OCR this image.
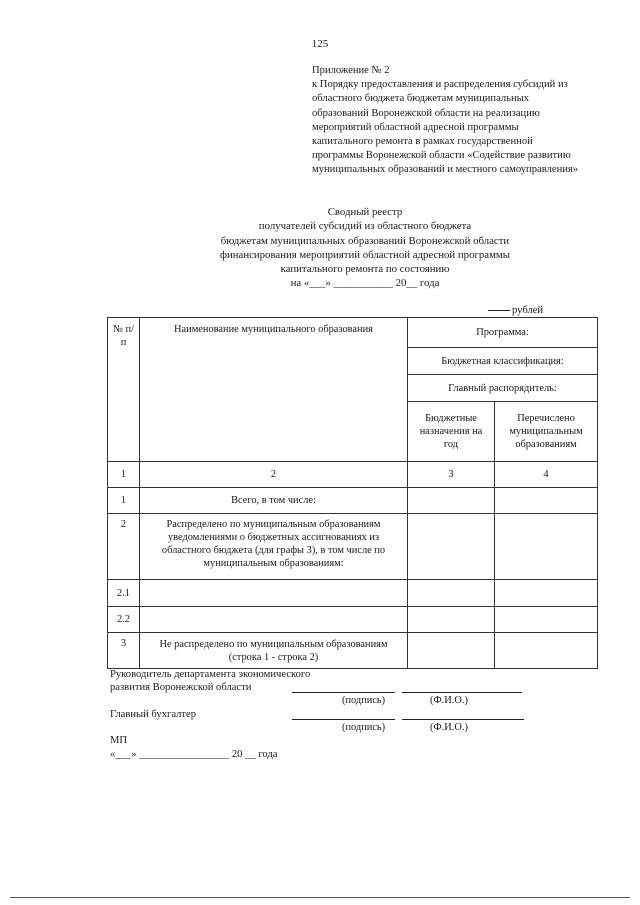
125
Приложение № 2
к Порядку предоставления и распределения субсидий из
областного бюджета бюджетам муниципальных
образований Воронежской области на реализацию
мероприятий областной адресной программы
капитального ремонта в рамках государственной
программы Воронежской области «Содействие развитию
муниципальных образований и местного самоуправления»
Сводный реестр
получателей субсидий из областного бюджета
бюджетам муниципальных образований Воронежской области
финансирования мероприятий областной адресной программы
капитального ремонта по состоянию
на «___» ___________ 20__ года
рублей
№ п/п	Наименование муниципального образования	Программа:	
		Бюджетная классификация:	
		Главный распорядитель:	
		Бюджетные назначения на год	Перечислено муниципальным образованиям
1	2	3	4
1	Всего, в том числе:		
2	Распределено по муниципальным образованиям уведомлениями о бюджетных ассигнованиях из областного бюджета (для графы 3), в том числе по муниципальным образованиям:		
2.1			
2.2			
3	Не распределено по муниципальным образованиям (строка 1 - строка 2)		
Руководитель департамента экономического
развития Воронежской области
(подпись)	(Ф.И.О.)
Главный бухгалтер
(подпись)	(Ф.И.О.)
МП
«___» _________________ 20 __ года
